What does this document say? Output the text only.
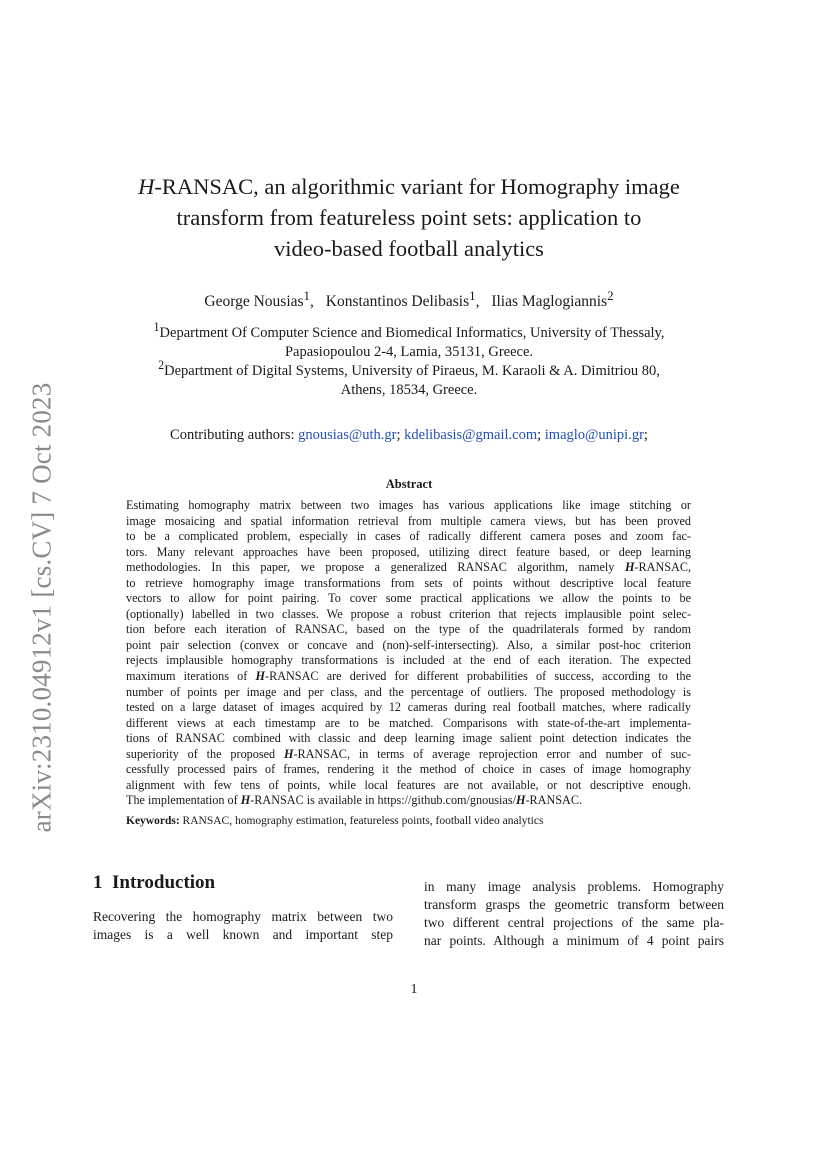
arXiv:2310.04912v1 [cs.CV] 7 Oct 2023
H-RANSAC, an algorithmic variant for Homography image
transform from featureless point sets: application to
video-based football analytics
George Nousias$^1$, Konstantinos Delibasis$^1$, Ilias Maglogiannis$^2$
$^1$Department Of Computer Science and Biomedical Informatics, University of Thessaly,
Papasiopoulou 2-4, Lamia, 35131, Greece.
$^2$Department of Digital Systems, University of Piraeus, M. Karaoli & A. Dimitriou 80,
Athens, 18534, Greece.
Contributing authors: gnousias@uth.gr; kdelibasis@gmail.com; imaglo@unipi.gr;
Abstract
Estimating homography matrix between two images has various applications like image stitching or
image mosaicing and spatial information retrieval from multiple camera views, but has been proved
to be a complicated problem, especially in cases of radically different camera poses and zoom fac-
tors. Many relevant approaches have been proposed, utilizing direct feature based, or deep learning
methodologies. In this paper, we propose a generalized RANSAC algorithm, namely H-RANSAC,
to retrieve homography image transformations from sets of points without descriptive local feature
vectors to allow for point pairing. To cover some practical applications we allow the points to be
(optionally) labelled in two classes. We propose a robust criterion that rejects implausible point selec-
tion before each iteration of RANSAC, based on the type of the quadrilaterals formed by random
point pair selection (convex or concave and (non)-self-intersecting). Also, a similar post-hoc criterion
rejects implausible homography transformations is included at the end of each iteration. The expected
maximum iterations of H-RANSAC are derived for different probabilities of success, according to the
number of points per image and per class, and the percentage of outliers. The proposed methodology is
tested on a large dataset of images acquired by 12 cameras during real football matches, where radically
different views at each timestamp are to be matched. Comparisons with state-of-the-art implementa-
tions of RANSAC combined with classic and deep learning image salient point detection indicates the
superiority of the proposed H-RANSAC, in terms of average reprojection error and number of suc-
cessfully processed pairs of frames, rendering it the method of choice in cases of image homography
alignment with few tens of points, while local features are not available, or not descriptive enough.
The implementation of H-RANSAC is available in https://github.com/gnousias/H-RANSAC.
Keywords: RANSAC, homography estimation, featureless points, football video analytics
1 Introduction
Recovering the homography matrix between two
images is a well known and important step
in many image analysis problems. Homography
transform grasps the geometric transform between
two different central projections of the same pla-
nar points. Although a minimum of 4 point pairs
1
